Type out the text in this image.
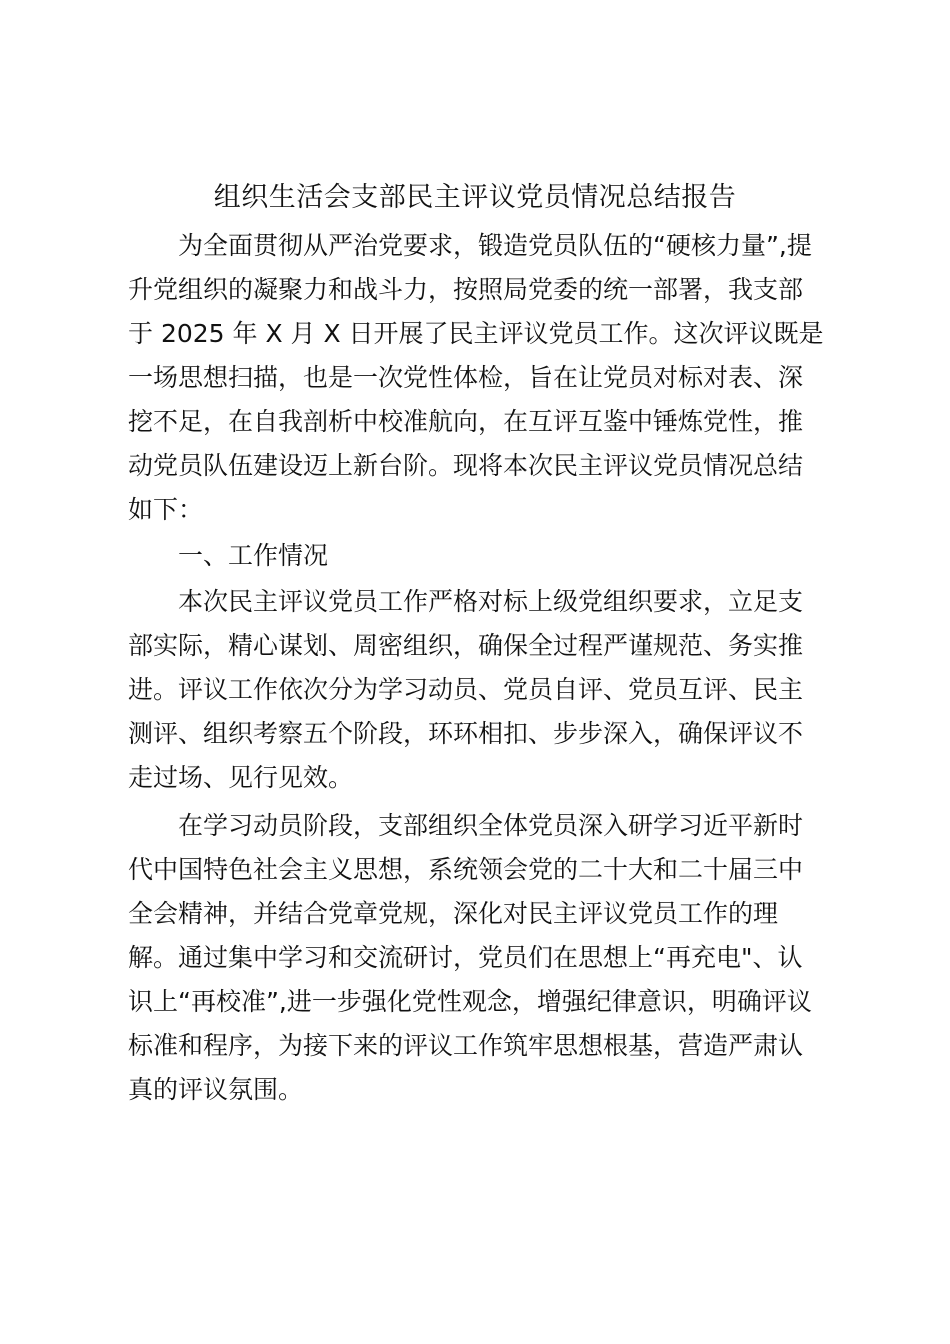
组织生活会支部民主评议党员情况总结报告

为全面贯彻从严治党要求，锻造党员队伍的“硬核力量”,提

升党组织的凝聚力和战斗力，按照局党委的统一部署，我支部

于 2025 年 X 月 X 日开展了民主评议党员工作。这次评议既是

一场思想扫描，也是一次党性体检，旨在让党员对标对表、深

挖不足，在自我剖析中校准航向，在互评互鉴中锤炼党性，推

动党员队伍建设迈上新台阶。现将本次民主评议党员情况总结

如下：

一、工作情况

本次民主评议党员工作严格对标上级党组织要求，立足支

部实际，精心谋划、周密组织，确保全过程严谨规范、务实推

进。评议工作依次分为学习动员、党员自评、党员互评、民主

测评、组织考察五个阶段，环环相扣、步步深入，确保评议不

走过场、见行见效。

在学习动员阶段，支部组织全体党员深入研学习近平新时

代中国特色社会主义思想，系统领会党的二十大和二十届三中

全会精神，并结合党章党规，深化对民主评议党员工作的理

解。通过集中学习和交流研讨，党员们在思想上“再充电"、认

识上“再校准”,进一步强化党性观念，增强纪律意识，明确评议

标准和程序，为接下来的评议工作筑牢思想根基，营造严肃认

真的评议氛围。
